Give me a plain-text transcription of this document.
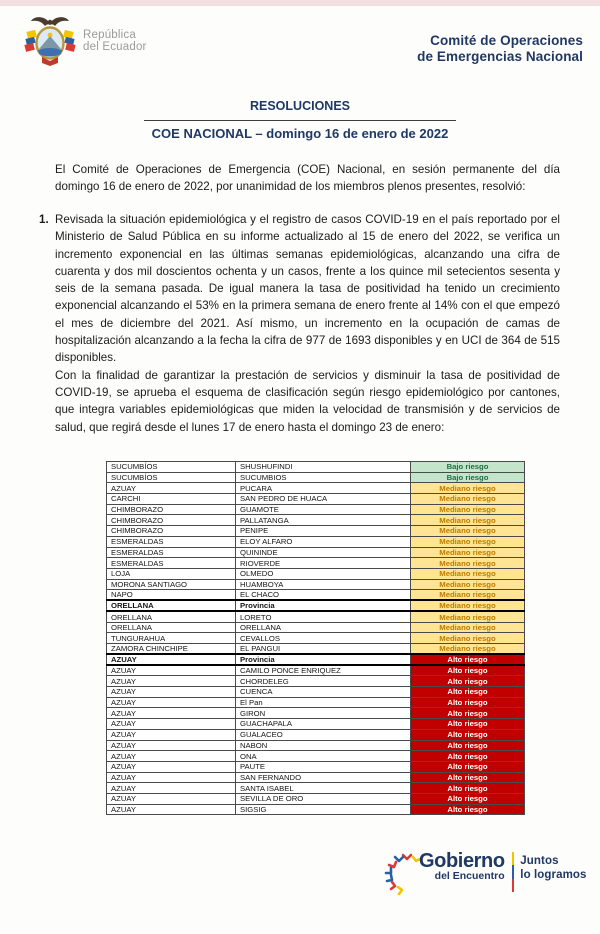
República
del Ecuador	Comité de Operaciones
de Emergencias Nacional
RESOLUCIONES
COE NACIONAL – domingo 16 de enero de 2022

El Comité de Operaciones de Emergencia (COE) Nacional, en sesión permanente del día domingo 16 de enero de 2022, por unanimidad de los miembros plenos presentes, resolvió:

1. Revisada la situación epidemiológica y el registro de casos COVID-19 en el país reportado por el Ministerio de Salud Pública en su informe actualizado al 15 de enero del 2022, se verifica un incremento exponencial en las últimas semanas epidemiológicas, alcanzando una cifra de cuarenta y dos mil doscientos ochenta y un casos, frente a los quince mil setecientos sesenta y seis de la semana pasada. De igual manera la tasa de positividad ha tenido un crecimiento exponencial alcanzando el 53% en la primera semana de enero frente al 14% con el que empezó el mes de diciembre del 2021. Así mismo, un incremento en la ocupación de camas de hospitalización alcanzando a la fecha la cifra de 977 de 1693 disponibles y en UCI de 364 de 515 disponibles.

Con la finalidad de garantizar la prestación de servicios y disminuir la tasa de positividad de COVID-19, se aprueba el esquema de clasificación según riesgo epidemiológico por cantones, que integra variables epidemiológicas que miden la velocidad de transmisión y de servicios de salud, que regirá desde el lunes 17 de enero hasta el domingo 23 de enero:

SUCUMBÍOS	SHUSHUFINDI	Bajo riesgo
SUCUMBÍOS	SUCUMBIOS	Bajo riesgo
AZUAY	PUCARA	Mediano riesgo
CARCHI	SAN PEDRO DE HUACA	Mediano riesgo
CHIMBORAZO	GUAMOTE	Mediano riesgo
CHIMBORAZO	PALLATANGA	Mediano riesgo
CHIMBORAZO	PENIPE	Mediano riesgo
ESMERALDAS	ELOY ALFARO	Mediano riesgo
ESMERALDAS	QUININDE	Mediano riesgo
ESMERALDAS	RIOVERDE	Mediano riesgo
LOJA	OLMEDO	Mediano riesgo
MORONA SANTIAGO	HUAMBOYA	Mediano riesgo
NAPO	EL CHACO	Mediano riesgo
ORELLANA	Provincia	Mediano riesgo
ORELLANA	LORETO	Mediano riesgo
ORELLANA	ORELLANA	Mediano riesgo
TUNGURAHUA	CEVALLOS	Mediano riesgo
ZAMORA CHINCHIPE	EL PANGUI	Mediano riesgo
AZUAY	Provincia	Alto riesgo
AZUAY	CAMILO PONCE ENRIQUEZ	Alto riesgo
AZUAY	CHORDELEG	Alto riesgo
AZUAY	CUENCA	Alto riesgo
AZUAY	El Pan	Alto riesgo
AZUAY	GIRON	Alto riesgo
AZUAY	GUACHAPALA	Alto riesgo
AZUAY	GUALACEO	Alto riesgo
AZUAY	NABON	Alto riesgo
AZUAY	ONA	Alto riesgo
AZUAY	PAUTE	Alto riesgo
AZUAY	SAN FERNANDO	Alto riesgo
AZUAY	SANTA ISABEL	Alto riesgo
AZUAY	SEVILLA DE ORO	Alto riesgo
AZUAY	SIGSIG	Alto riesgo
Gobierno
del Encuentro
Juntos
lo logramos
